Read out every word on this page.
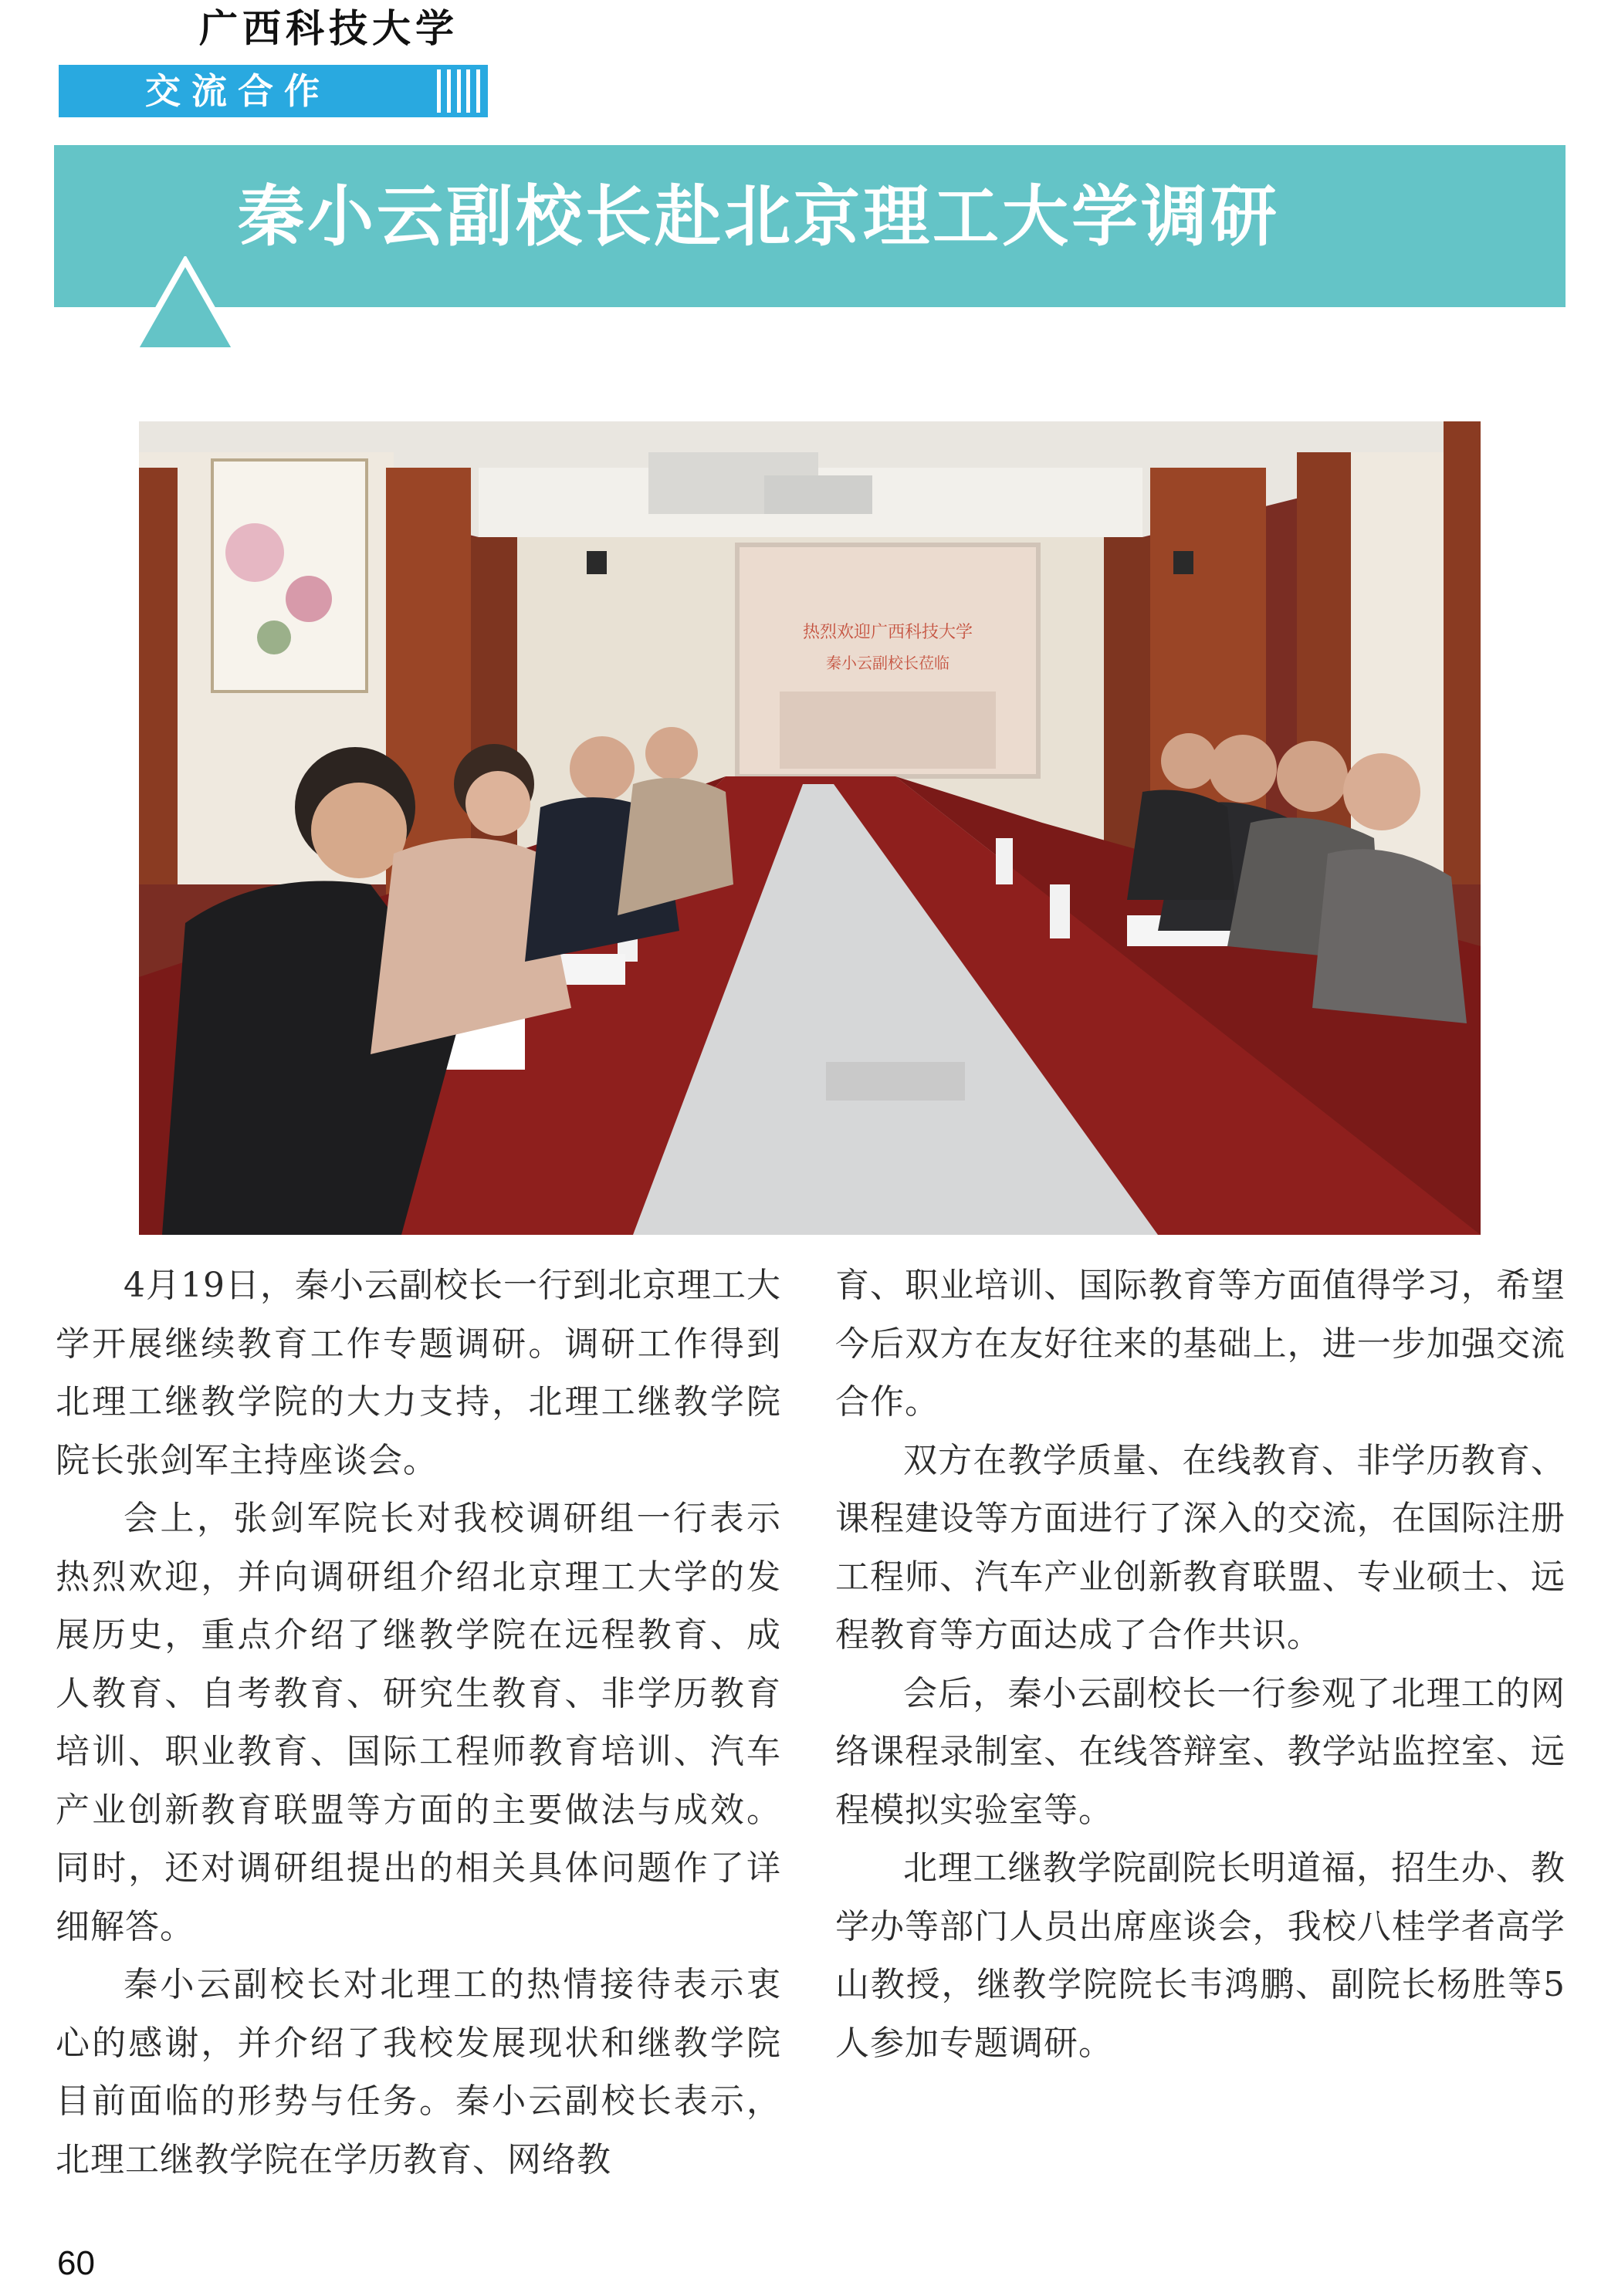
广西科技大学
交流合作
秦小云副校长赴北京理工大学调研
热烈欢迎广西科技大学
秦小云副校长莅临

4月19日，秦小云副校长一行到北京理工大学开展继续教育工作专题调研。调研工作得到北理工继教学院的大力支持，北理工继教学院院长张剑军主持座谈会。

会上，张剑军院长对我校调研组一行表示热烈欢迎，并向调研组介绍北京理工大学的发展历史，重点介绍了继教学院在远程教育、成人教育、自考教育、研究生教育、非学历教育培训、职业教育、国际工程师教育培训、汽车产业创新教育联盟等方面的主要做法与成效。同时，还对调研组提出的相关具体问题作了详细解答。

秦小云副校长对北理工的热情接待表示衷心的感谢，并介绍了我校发展现状和继教学院目前面临的形势与任务。秦小云副校长表示，北理工继教学院在学历教育、网络教

育、职业培训、国际教育等方面值得学习，希望今后双方在友好往来的基础上，进一步加强交流合作。

双方在教学质量、在线教育、非学历教育、课程建设等方面进行了深入的交流，在国际注册工程师、汽车产业创新教育联盟、专业硕士、远程教育等方面达成了合作共识。

会后，秦小云副校长一行参观了北理工的网络课程录制室、在线答辩室、教学站监控室、远程模拟实验室等。

北理工继教学院副院长明道福，招生办、教学办等部门人员出席座谈会，我校八桂学者高学山教授，继教学院院长韦鸿鹏、副院长杨胜等5人参加专题调研。

60
